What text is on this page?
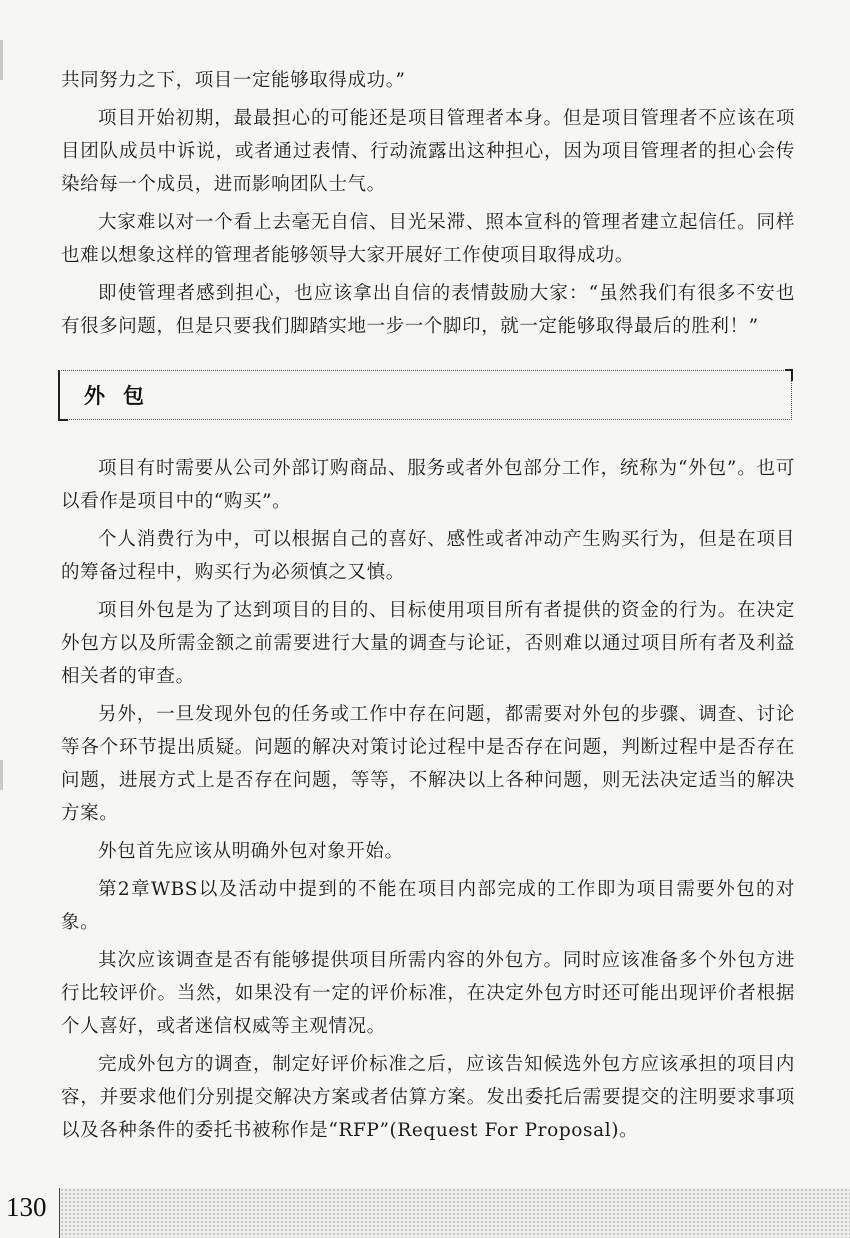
共同努力之下，项目一定能够取得成功。”

项目开始初期，最最担心的可能还是项目管理者本身。但是项目管理者不应该在项目团队成员中诉说，或者通过表情、行动流露出这种担心，因为项目管理者的担心会传染给每一个成员，进而影响团队士气。

大家难以对一个看上去毫无自信、目光呆滞、照本宣科的管理者建立起信任。同样也难以想象这样的管理者能够领导大家开展好工作使项目取得成功。

即使管理者感到担心，也应该拿出自信的表情鼓励大家：“虽然我们有很多不安也有很多问题，但是只要我们脚踏实地一步一个脚印，就一定能够取得最后的胜利！”

外包

项目有时需要从公司外部订购商品、服务或者外包部分工作，统称为“外包”。也可以看作是项目中的“购买”。

个人消费行为中，可以根据自己的喜好、感性或者冲动产生购买行为，但是在项目的筹备过程中，购买行为必须慎之又慎。

项目外包是为了达到项目的目的、目标使用项目所有者提供的资金的行为。在决定外包方以及所需金额之前需要进行大量的调查与论证，否则难以通过项目所有者及利益相关者的审查。

另外，一旦发现外包的任务或工作中存在问题，都需要对外包的步骤、调查、讨论等各个环节提出质疑。问题的解决对策讨论过程中是否存在问题，判断过程中是否存在问题，进展方式上是否存在问题，等等，不解决以上各种问题，则无法决定适当的解决方案。

外包首先应该从明确外包对象开始。

第2章WBS以及活动中提到的不能在项目内部完成的工作即为项目需要外包的对象。

其次应该调查是否有能够提供项目所需内容的外包方。同时应该准备多个外包方进行比较评价。当然，如果没有一定的评价标准，在决定外包方时还可能出现评价者根据个人喜好，或者迷信权威等主观情况。

完成外包方的调查，制定好评价标准之后，应该告知候选外包方应该承担的项目内容，并要求他们分别提交解决方案或者估算方案。发出委托后需要提交的注明要求事项以及各种条件的委托书被称作是“RFP”(Request For Proposal)。

130
